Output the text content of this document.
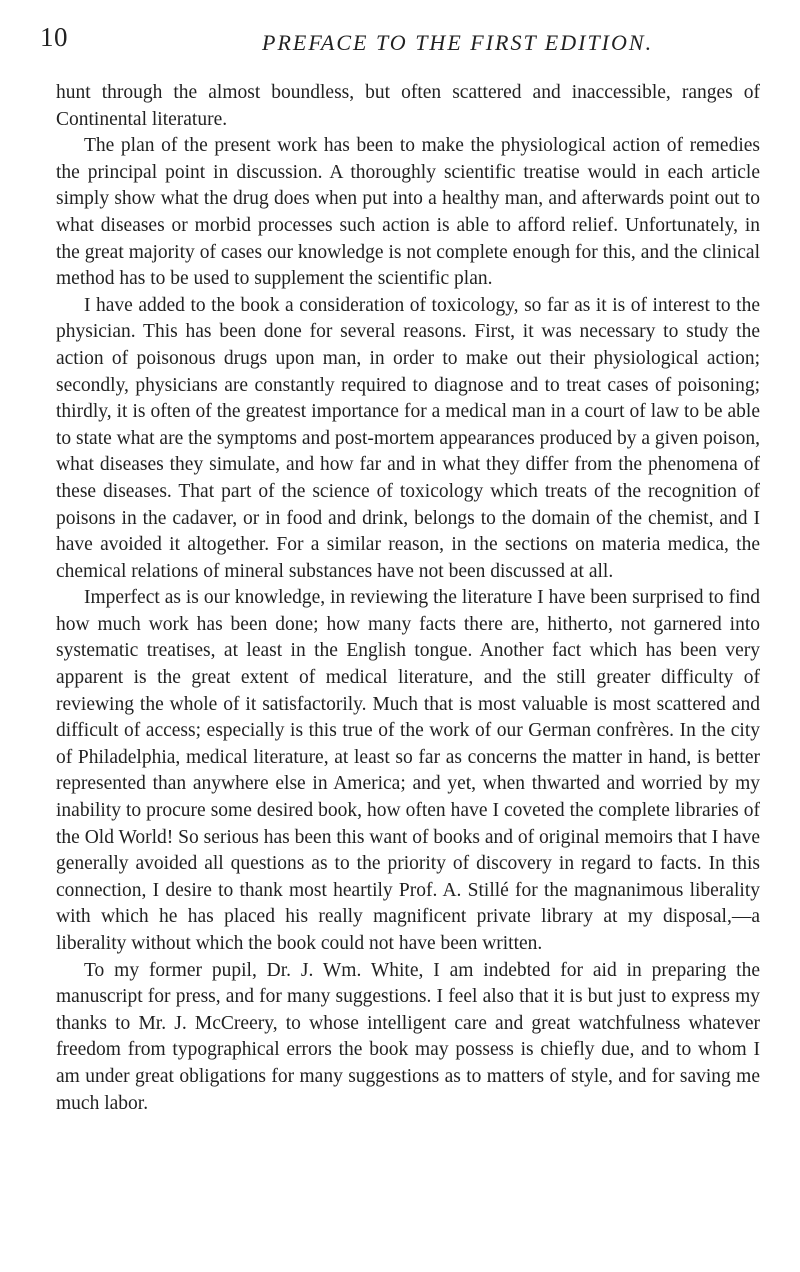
10	PREFACE TO THE FIRST EDITION.

hunt through the almost boundless, but often scattered and inaccessible, ranges of Continental literature.

The plan of the present work has been to make the physiological action of remedies the principal point in discussion. A thoroughly scientific treatise would in each article simply show what the drug does when put into a healthy man, and afterwards point out to what diseases or morbid processes such action is able to afford relief. Unfortunately, in the great majority of cases our knowledge is not complete enough for this, and the clinical method has to be used to supplement the scientific plan.

I have added to the book a consideration of toxicology, so far as it is of interest to the physician. This has been done for several reasons. First, it was necessary to study the action of poisonous drugs upon man, in order to make out their physiological action; secondly, physicians are constantly required to diagnose and to treat cases of poisoning; thirdly, it is often of the greatest importance for a medical man in a court of law to be able to state what are the symptoms and post-mortem appearances produced by a given poison, what diseases they simulate, and how far and in what they differ from the phenomena of these diseases. That part of the science of toxicology which treats of the recognition of poisons in the cadaver, or in food and drink, belongs to the domain of the chemist, and I have avoided it altogether. For a similar reason, in the sections on materia medica, the chemical relations of mineral substances have not been discussed at all.

Imperfect as is our knowledge, in reviewing the literature I have been surprised to find how much work has been done; how many facts there are, hitherto, not garnered into systematic treatises, at least in the English tongue. Another fact which has been very apparent is the great extent of medical literature, and the still greater difficulty of reviewing the whole of it satisfactorily. Much that is most valuable is most scattered and difficult of access; especially is this true of the work of our German confrères. In the city of Philadelphia, medical literature, at least so far as concerns the matter in hand, is better represented than anywhere else in America; and yet, when thwarted and worried by my inability to procure some desired book, how often have I coveted the complete libraries of the Old World! So serious has been this want of books and of original memoirs that I have generally avoided all questions as to the priority of discovery in regard to facts. In this connection, I desire to thank most heartily Prof. A. Stillé for the magnanimous liberality with which he has placed his really magnificent private library at my disposal,—a liberality without which the book could not have been written.

To my former pupil, Dr. J. Wm. White, I am indebted for aid in preparing the manuscript for press, and for many suggestions. I feel also that it is but just to express my thanks to Mr. J. McCreery, to whose intelligent care and great watchfulness whatever freedom from typographical errors the book may possess is chiefly due, and to whom I am under great obligations for many suggestions as to matters of style, and for saving me much labor.
